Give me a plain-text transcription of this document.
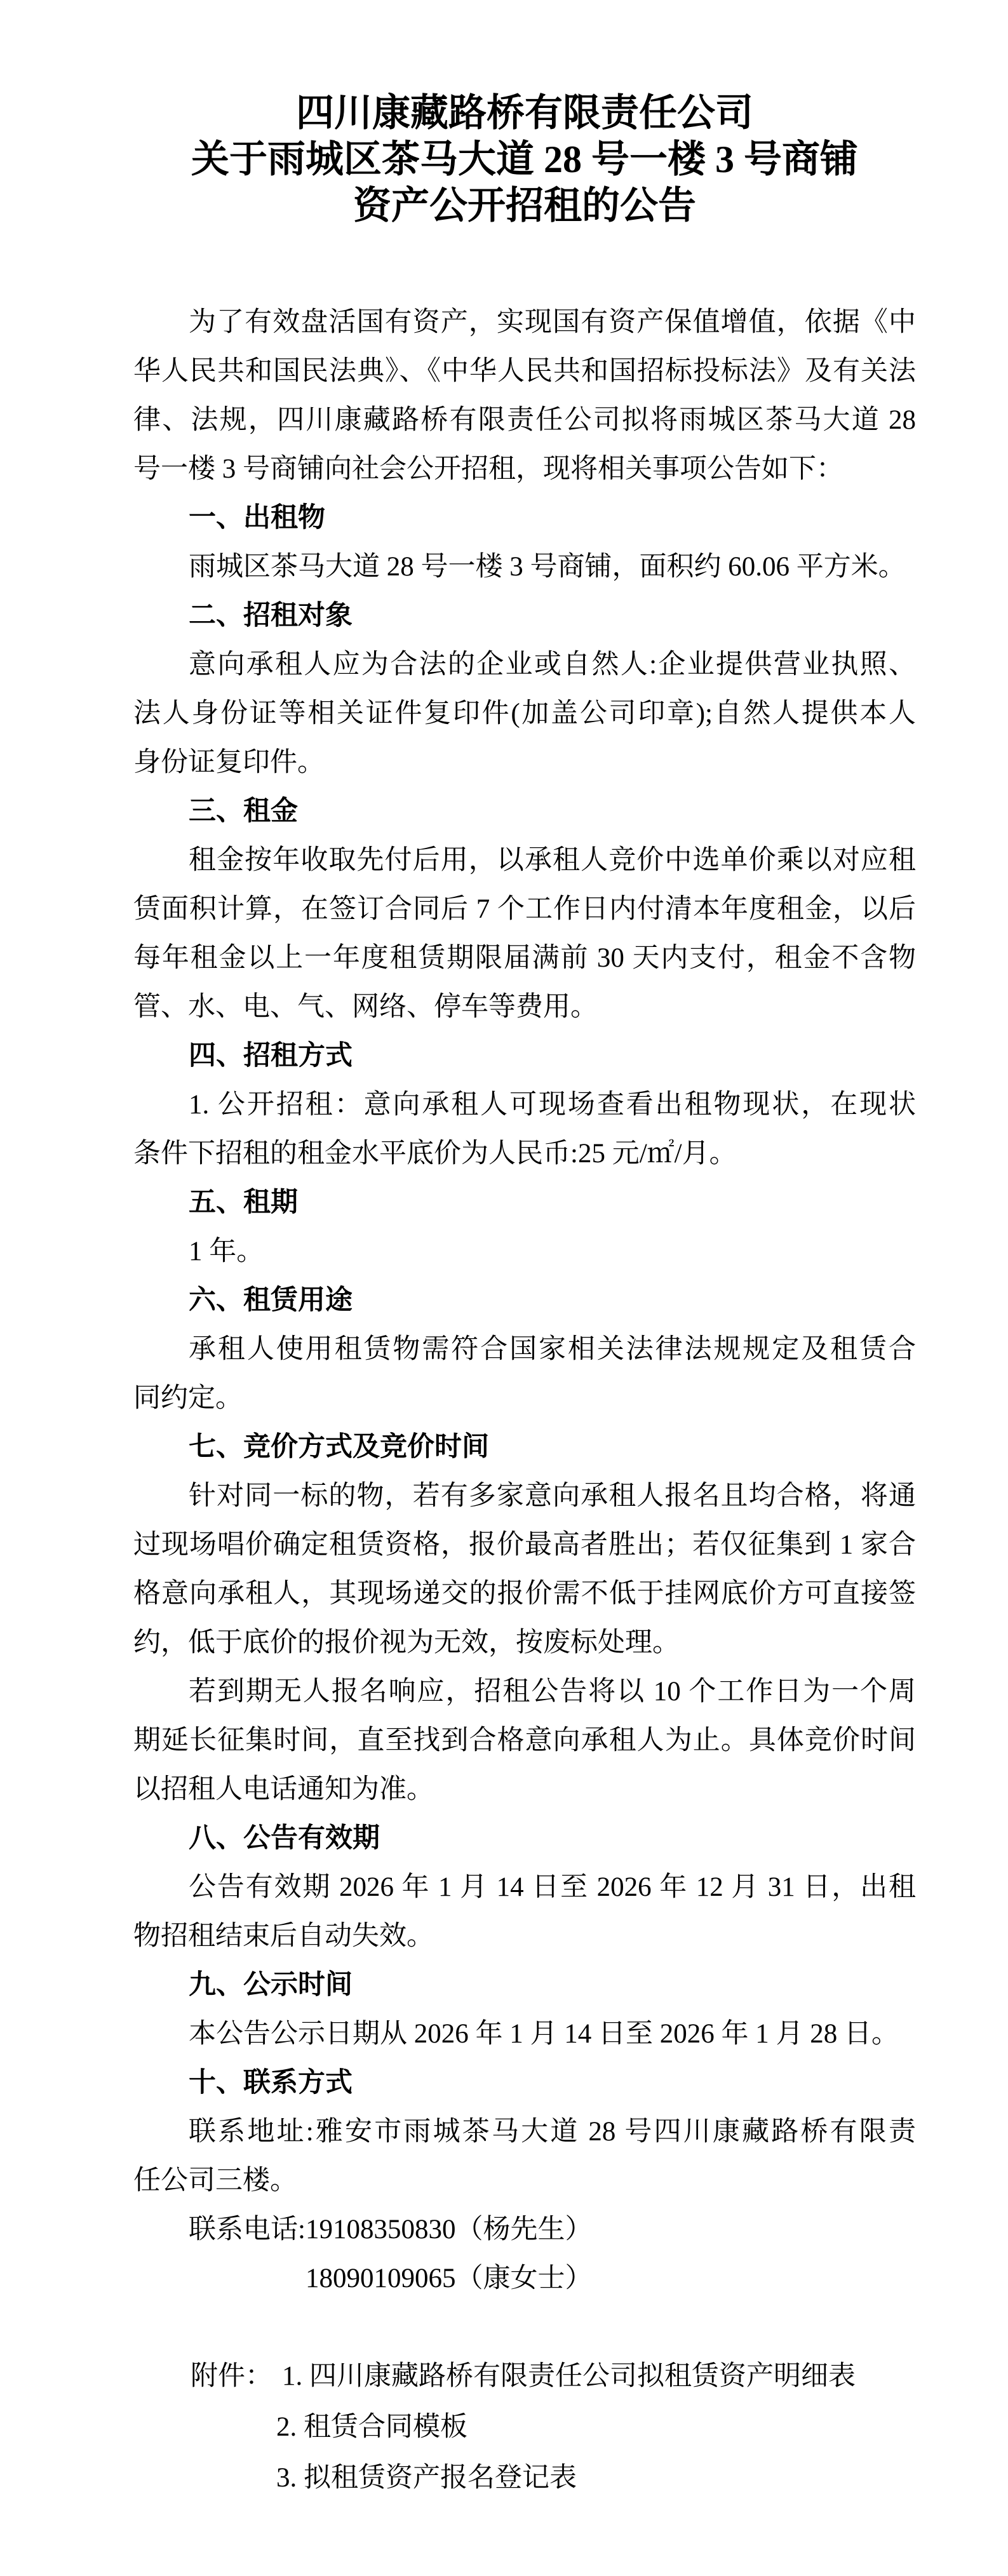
四川康藏路桥有限责任公司
关于雨城区茶马大道 28 号一楼 3 号商铺
资产公开招租的公告
为了有效盘活国有资产，实现国有资产保值增值，依据《中
华人民共和国民法典》、《中华人民共和国招标投标法》及有关法
律、法规，四川康藏路桥有限责任公司拟将雨城区茶马大道 28
号一楼 3 号商铺向社会公开招租，现将相关事项公告如下：
一、出租物
雨城区茶马大道 28 号一楼 3 号商铺，面积约 60.06 平方米。
二、招租对象
意向承租人应为合法的企业或自然人:企业提供营业执照、
法人身份证等相关证件复印件(加盖公司印章);自然人提供本人
身份证复印件。
三、租金
租金按年收取先付后用，以承租人竞价中选单价乘以对应租
赁面积计算，在签订合同后 7 个工作日内付清本年度租金，以后
每年租金以上一年度租赁期限届满前 30 天内支付，租金不含物
管、水、电、气、网络、停车等费用。
四、招租方式
1. 公开招租：意向承租人可现场查看出租物现状，在现状
条件下招租的租金水平底价为人民币:25 元/㎡/月。
五、租期
1 年。
六、租赁用途
承租人使用租赁物需符合国家相关法律法规规定及租赁合
同约定。
七、竞价方式及竞价时间
针对同一标的物，若有多家意向承租人报名且均合格，将通
过现场唱价确定租赁资格，报价最高者胜出；若仅征集到 1 家合
格意向承租人，其现场递交的报价需不低于挂网底价方可直接签
约，低于底价的报价视为无效，按废标处理。
若到期无人报名响应，招租公告将以 10 个工作日为一个周
期延长征集时间，直至找到合格意向承租人为止。具体竞价时间
以招租人电话通知为准。
八、公告有效期
公告有效期 2026 年 1 月 14 日至 2026 年 12 月 31 日，出租
物招租结束后自动失效。
九、公示时间
本公告公示日期从 2026 年 1 月 14 日至 2026 年 1 月 28 日。
十、联系方式
联系地址:雅安市雨城茶马大道 28 号四川康藏路桥有限责
任公司三楼。
联系电话:19108350830（杨先生）
18090109065（康女士）
附件： 1. 四川康藏路桥有限责任公司拟租赁资产明细表
2. 租赁合同模板
3. 拟租赁资产报名登记表
